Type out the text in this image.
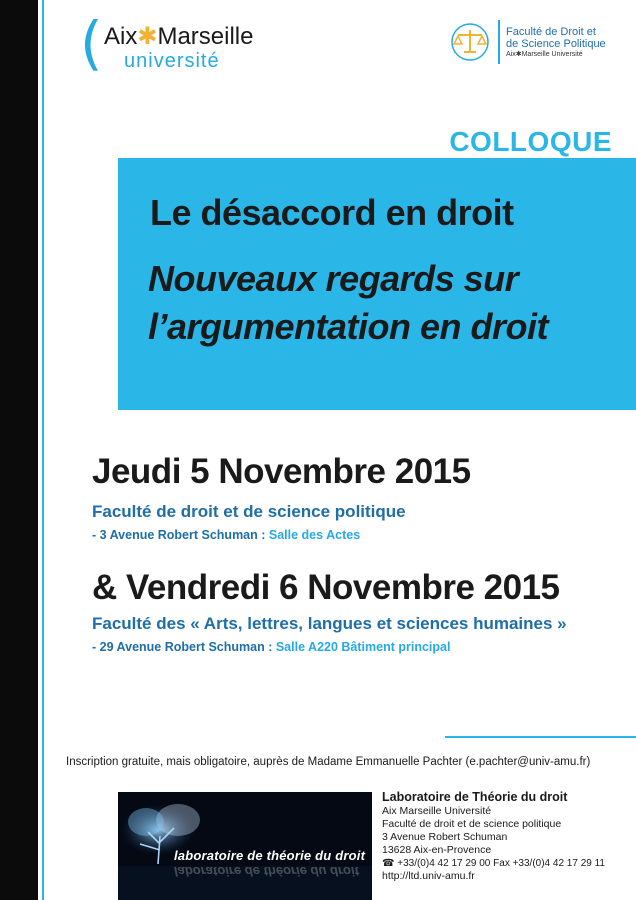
( Aix✱Marseille
université
Faculté de Droit et
de Science Politique
Aix✱Marseille Université
COLLOQUE
Le désaccord en droit
Nouveaux regards sur
l’argumentation en droit
Jeudi 5 Novembre 2015
Faculté de droit et de science politique
- 3 Avenue Robert Schuman : Salle des Actes
& Vendredi 6 Novembre 2015
Faculté des « Arts, lettres, langues et sciences humaines »
- 29 Avenue Robert Schuman : Salle A220 Bâtiment principal
Inscription gratuite, mais obligatoire, auprès de Madame Emmanuelle Pachter (e.pachter@univ-amu.fr)
laboratoire de théorie du droit
laboratoire de théorie du droit
Laboratoire de Théorie du droit
Aix Marseille Université
Faculté de droit et de science politique
3 Avenue Robert Schuman
13628 Aix-en-Provence
☎ +33/(0)4 42 17 29 00 Fax +33/(0)4 42 17 29 11
http://ltd.univ-amu.fr
